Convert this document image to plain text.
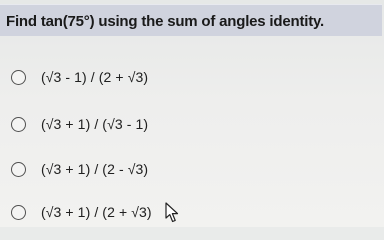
Find tan(75°) using the sum of angles identity.
(√3 - 1) / (2 + √3)
(√3 + 1) / (√3 - 1)
(√3 + 1) / (2 - √3)
(√3 + 1) / (2 + √3)
